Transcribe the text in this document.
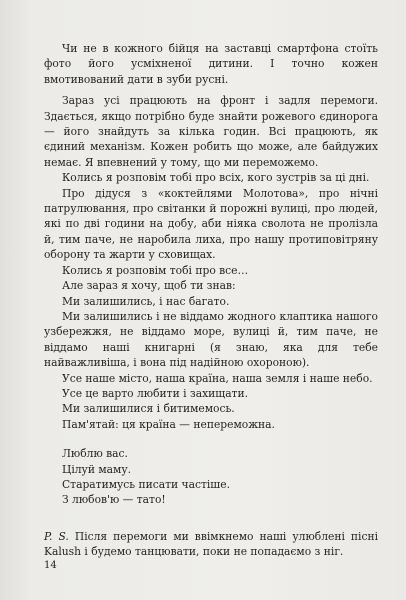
Чи не в кожного бійця на заставці смартфона стоїть фото його усміхненої дитини. І точно кожен вмотивований дати в зуби русні.

Зараз усі працюють на фронт і задля перемоги. Здається, якщо потрібно буде знайти рожевого єдинорога — його знайдуть за кілька годин. Всі працюють, як єдиний механізм. Кожен робить що може, але байдужих немає. Я впевнений у тому, що ми переможемо.

Колись я розповім тобі про всіх, кого зустрів за ці дні.

Про дідуся з «коктейлями Молотова», про нічні патрулювання, про світанки й порожні вулиці, про людей, які по дві години на добу, аби ніяка сволота не пролізла й, тим паче, не наробила лиха, про нашу протиповітряну оборону та жарти у сховищах.

Колись я розповім тобі про все…

Але зараз я хочу, щоб ти знав:

Ми залишились, і нас багато.

Ми залишились і не віддамо жодного клаптика нашого узбережжя, не віддамо море, вулиці й, тим паче, не віддамо наші книгарні (я знаю, яка для тебе найважливіша, і вона під надійною охороною).

Усе наше місто, наша країна, наша земля і наше небо.

Усе це варто любити і захищати.

Ми залишилися і битимемось.

Пам'ятай: ця країна — непереможна.

Люблю вас.

Цілуй маму.

Старатимусь писати частіше.

З любов'ю — тато!

P. S. Після перемоги ми ввімкнемо наші улюблені пісні Kalush і будемо танцювати, поки не попадаємо з ніг.

14
